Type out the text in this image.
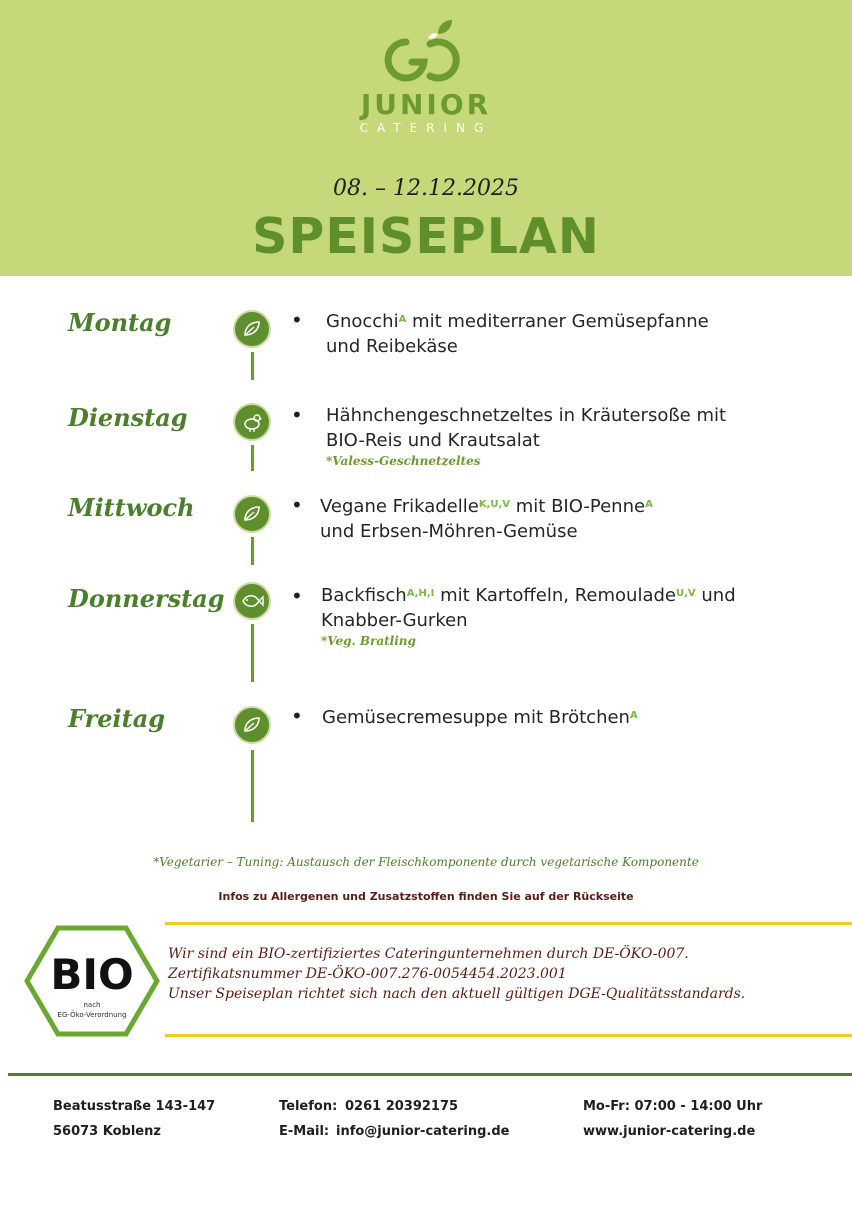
JUNIOR
CATERING
08. – 12.12.2025
SPEISEPLAN
Montag	• Gnocchi$^A$ mit mediterraner Gemüsepfanne
und Reibekäse
Dienstag	• Hähnchengeschnetzeltes in Kräutersoße mit
BIO-Reis und Krautsalat
*Valess-Geschnetzeltes
Mittwoch	• Vegane Frikadelle$^{K,U,V}$ mit BIO-Penne$^A$
und Erbsen-Möhren-Gemüse
Donnerstag	• Backfisch$^{A,H,I}$ mit Kartoffeln, Remoulade$^{U,V}$ und
Knabber-Gurken
*Veg. Bratling
Freitag	• Gemüsecremesuppe mit Brötchen$^A$
*Vegetarier – Tuning: Austausch der Fleischkomponente durch vegetarische Komponente
Infos zu Allergenen und Zusatzstoffen finden Sie auf der Rückseite
BIO
nach
EG-Öko-Verordnung
Wir sind ein BIO-zertifiziertes Cateringunternehmen durch DE-ÖKO-007.
Zertifikatsnummer DE-ÖKO-007.276-0054454.2023.001
Unser Speiseplan richtet sich nach den aktuell gültigen DGE-Qualitätsstandards.
Beatusstraße 143-147
56073 Koblenz
Telefon: 0261 20392175
E-Mail: info@junior-catering.de
Mo-Fr: 07:00 - 14:00 Uhr
www.junior-catering.de
